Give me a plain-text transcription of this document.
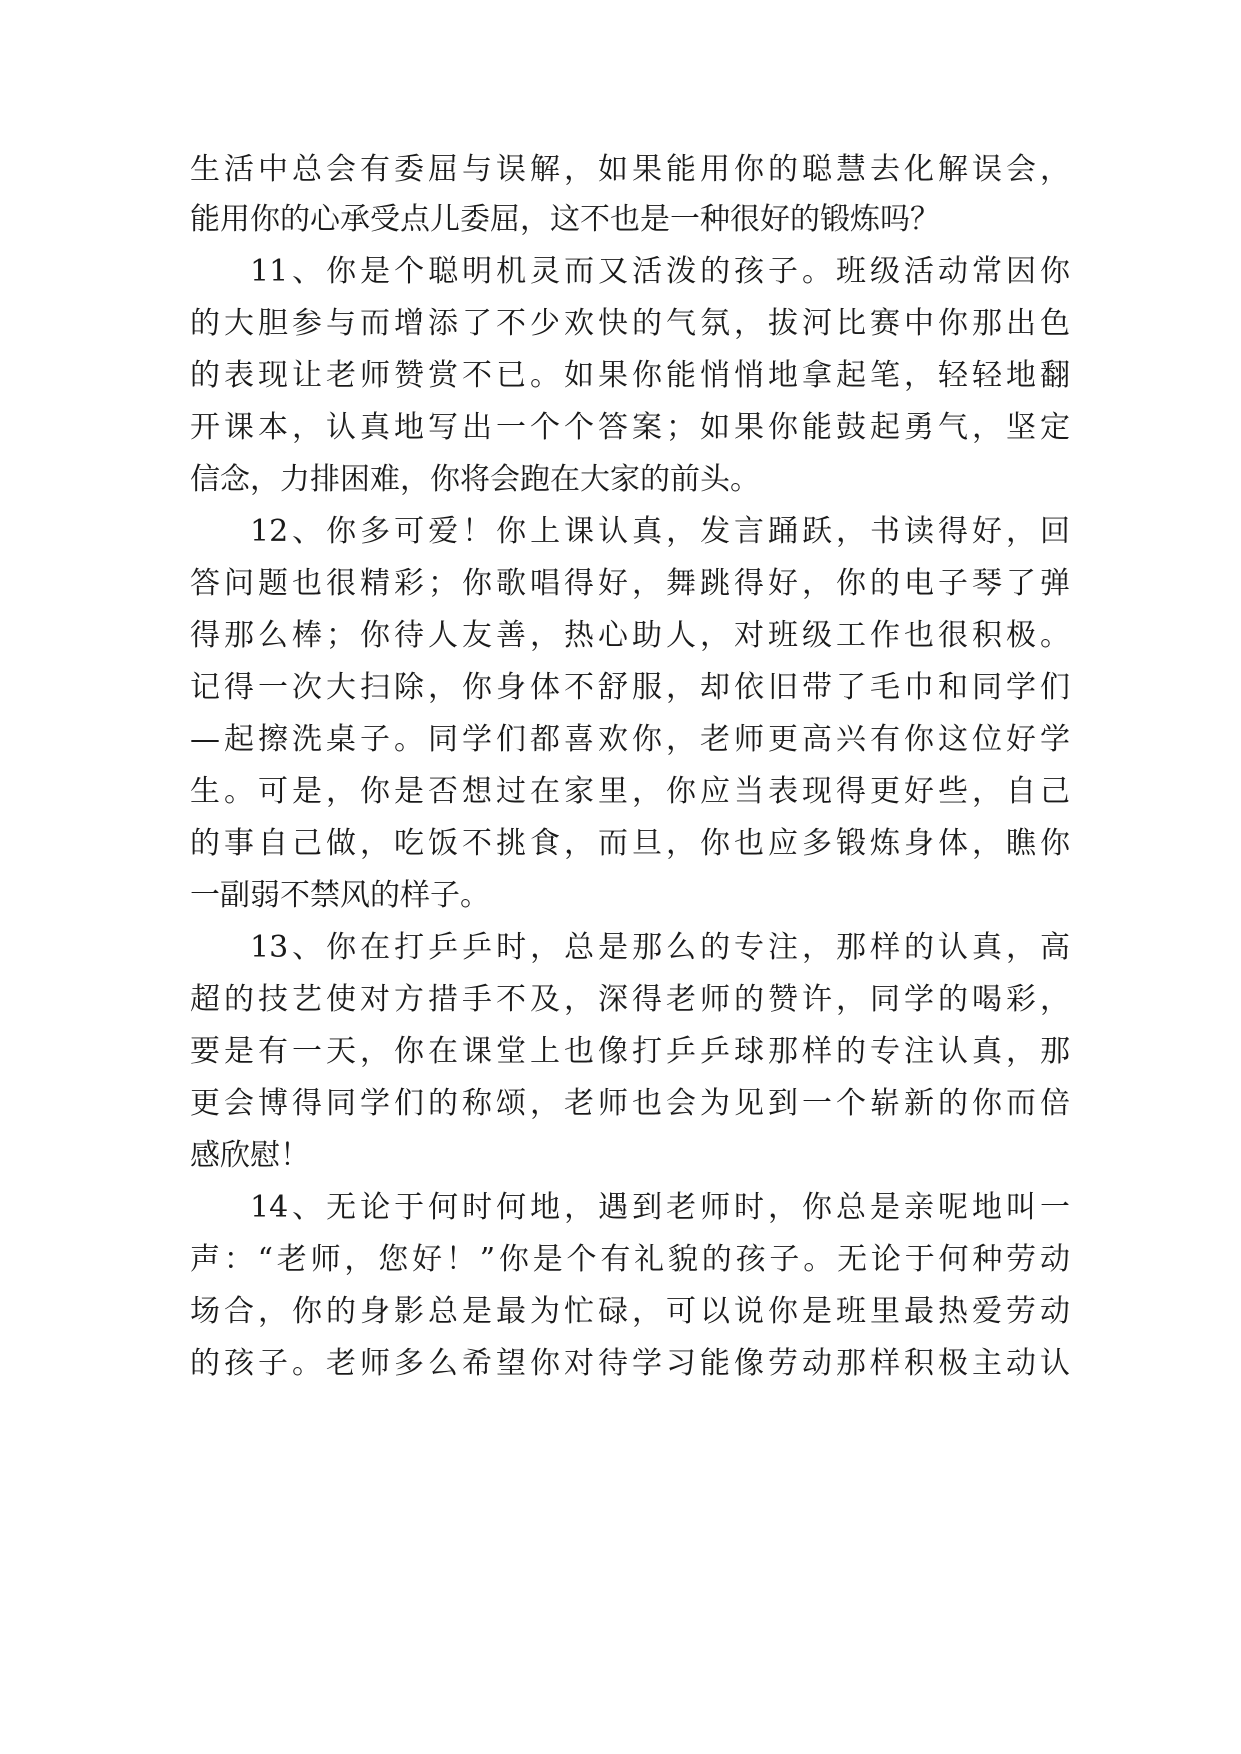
生活中总会有委屈与误解，如果能用你的聪慧去化解误会，
能用你的心承受点儿委屈，这不也是一种很好的锻炼吗？
11、你是个聪明机灵而又活泼的孩子。班级活动常因你
的大胆参与而增添了不少欢快的气氛，拔河比赛中你那出色
的表现让老师赞赏不已。如果你能悄悄地拿起笔，轻轻地翻
开课本，认真地写出一个个答案；如果你能鼓起勇气，坚定
信念，力排困难，你将会跑在大家的前头。
12、你多可爱！你上课认真，发言踊跃，书读得好，回
答问题也很精彩；你歌唱得好，舞跳得好，你的电子琴了弹
得那么棒；你待人友善，热心助人，对班级工作也很积极。
记得一次大扫除，你身体不舒服，却依旧带了毛巾和同学们
—起擦洗桌子。同学们都喜欢你，老师更高兴有你这位好学
生。可是，你是否想过在家里，你应当表现得更好些，自己
的事自己做，吃饭不挑食，而旦，你也应多锻炼身体，瞧你
一副弱不禁风的样子。
13、你在打乒乒时，总是那么的专注，那样的认真，高
超的技艺使对方措手不及，深得老师的赞许，同学的喝彩，
要是有一天，你在课堂上也像打乒乒球那样的专注认真，那
更会博得同学们的称颂，老师也会为见到一个崭新的你而倍
感欣慰！
14、无论于何时何地，遇到老师时，你总是亲呢地叫一
声：“老师，您好！”你是个有礼貌的孩子。无论于何种劳动
场合，你的身影总是最为忙碌，可以说你是班里最热爱劳动
的孩子。老师多么希望你对待学习能像劳动那样积极主动认
